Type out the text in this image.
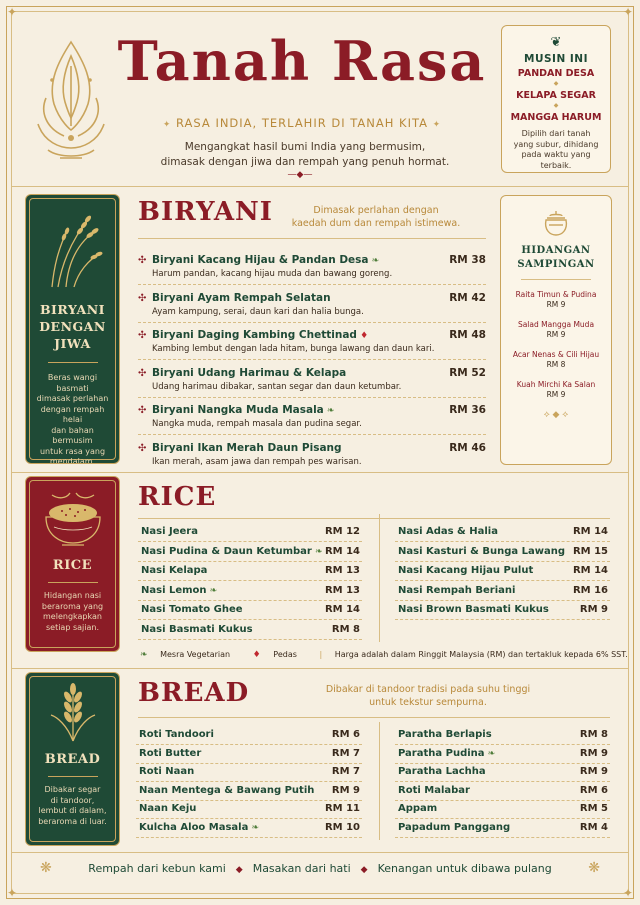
✦	✦
✦	✦
Tanah Rasa
✦ RASA INDIA, TERLAHIR DI TANAH KITA ✦
Mengangkat hasil bumi India yang bermusim,
dimasak dengan jiwa dan rempah yang penuh hormat.
—◆—
❦
MUSIN INI
PANDAN DESA
◆
KELAPA SEGAR
◆
MANGGA HARUM
Dipilih dari tanah
yang subur, dihidang
pada waktu yang terbaik.
BIRYANI
DENGAN
JIWA
Beras wangi basmati
dimasak perlahan
dengan rempah helai
dan bahan bermusim
untuk rasa yang
mendalam.
BIRYANI	Dimasak perlahan dengan
kaedah dum dan rempah istimewa.
✣ Biryani Kacang Hijau & Pandan Desa ❧	RM 38
Harum pandan, kacang hijau muda dan bawang goreng.
✣ Biryani Ayam Rempah Selatan	RM 42
Ayam kampung, serai, daun kari dan halia bunga.
✣ Biryani Daging Kambing Chettinad ♦	RM 48
Kambing lembut dengan lada hitam, bunga lawang dan daun kari.
✣ Biryani Udang Harimau & Kelapa	RM 52
Udang harimau dibakar, santan segar dan daun ketumbar.
✣ Biryani Nangka Muda Masala ❧	RM 36
Nangka muda, rempah masala dan pudina segar.
✣ Biryani Ikan Merah Daun Pisang	RM 46
Ikan merah, asam jawa dan rempah pes warisan.
HIDANGAN
SAMPINGAN
Raita Timun & Pudina
RM 9
Salad Mangga Muda
RM 9
Acar Nenas & Cili Hijau
RM 8
Kuah Mirchi Ka Salan
RM 9
⟡ ◆ ⟡
RICE
Hidangan nasi
beraroma yang
melengkapkan
setiap sajian.
RICE
Nasi Jeera	RM 12
Nasi Pudina & Daun Ketumbar ❧ RM 14
Nasi Kelapa	RM 13
Nasi Lemon ❧	RM 13
Nasi Tomato Ghee	RM 14
Nasi Basmati Kukus	RM 8
Nasi Adas & Halia	RM 14
Nasi Kasturi & Bunga Lawang RM 15
Nasi Kacang Hijau Pulut	RM 14
Nasi Rempah Beriani	RM 16
Nasi Brown Basmati Kukus	RM 9
❧ Mesra Vegetarian	♦ Pedas	| Harga adalah dalam Ringgit Malaysia (RM) dan tertakluk kepada 6% SST.
BREAD
Dibakar segar
di tandoor,
lembut di dalam,
beraroma di luar.
BREAD	Dibakar di tandoor tradisi pada suhu tinggi
untuk tekstur sempurna.
Roti Tandoori	RM 6
Roti Butter	RM 7
Roti Naan	RM 7
Naan Mentega & Bawang Putih RM 9
Naan Keju	RM 11
Kulcha Aloo Masala ❧	RM 10
Paratha Berlapis	RM 8
Paratha Pudina ❧	RM 9
Paratha Lachha	RM 9
Roti Malabar	RM 6
Appam	RM 5
Papadum Panggang	RM 4
❋	❋
Rempah dari kebun kami ◆ Masakan dari hati ◆ Kenangan untuk dibawa pulang
